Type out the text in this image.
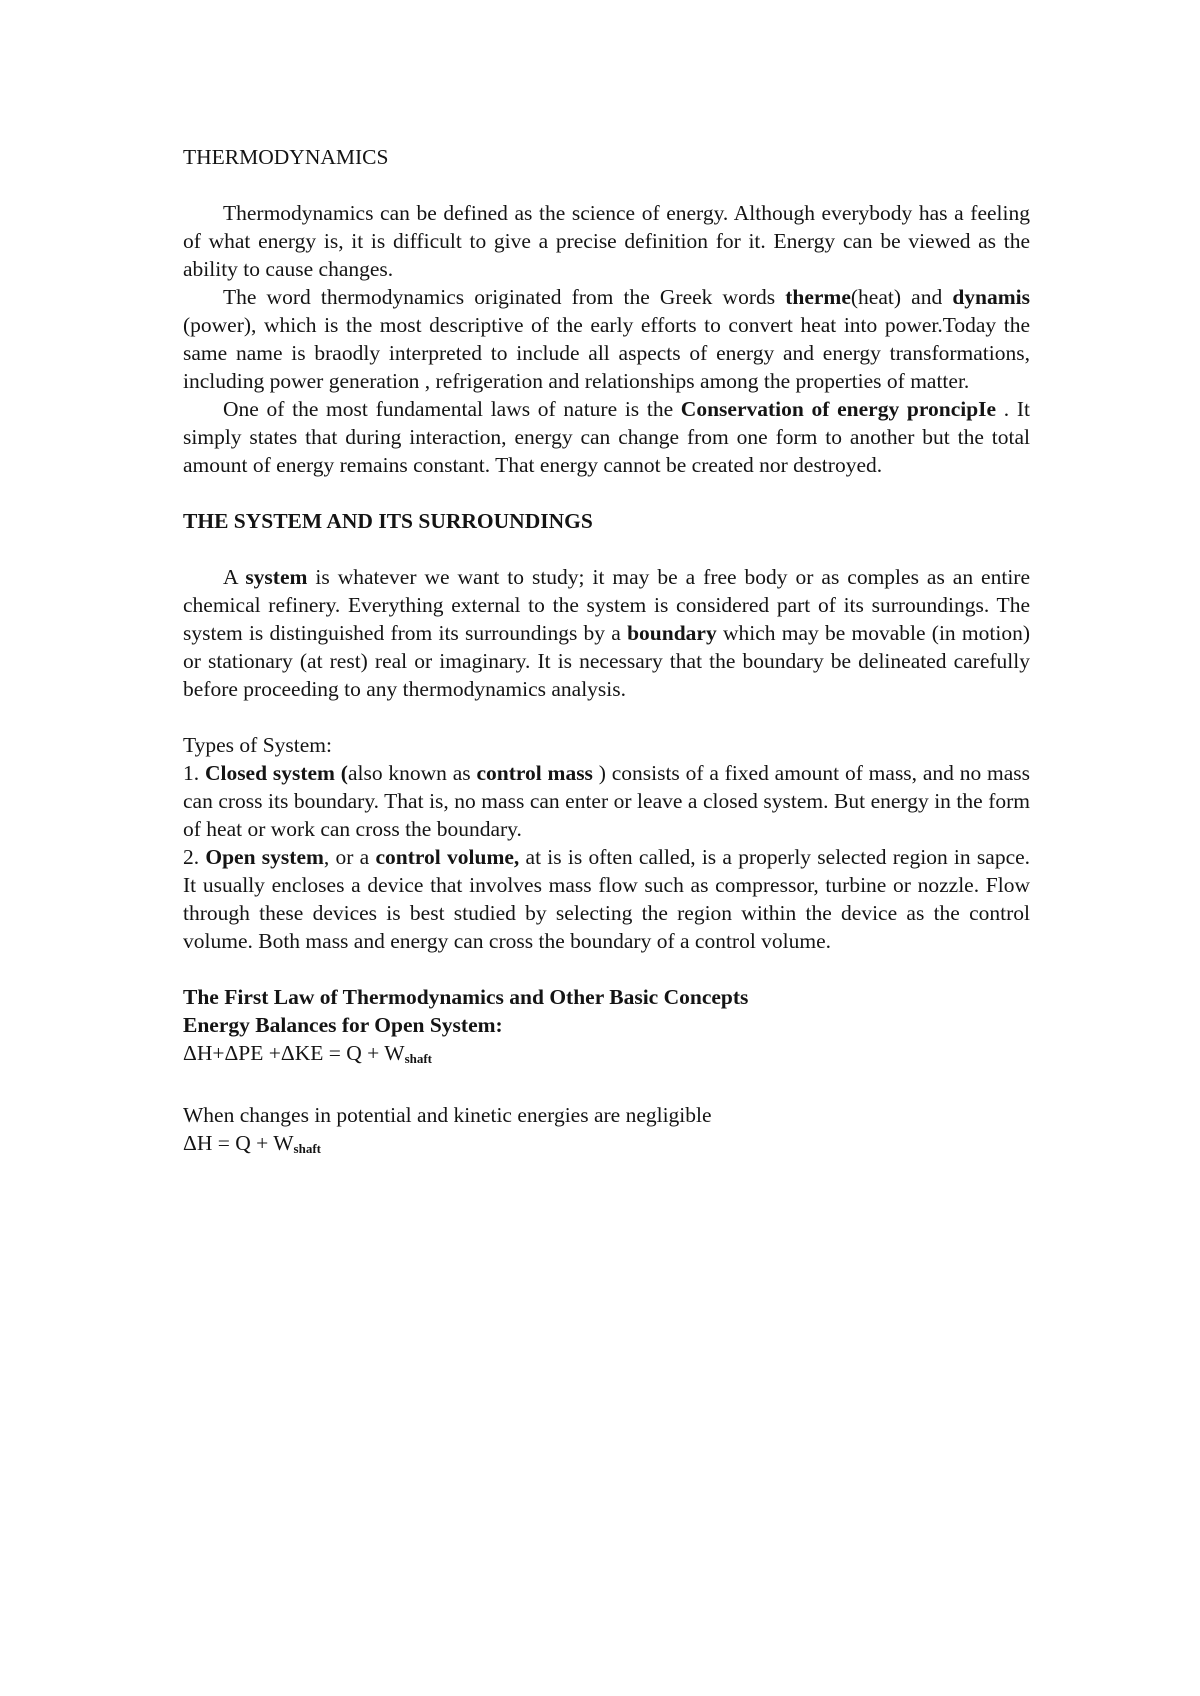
THERMODYNAMICS

Thermodynamics can be defined as the science of energy. Although everybody has a feeling of what energy is, it is difficult to give a precise definition for it. Energy can be viewed as the ability to cause changes.

The word thermodynamics originated from the Greek words therme(heat) and dynamis (power), which is the most descriptive of the early efforts to convert heat into power.Today the same name is braodly interpreted to include all aspects of energy and energy transformations, including power generation , refrigeration and relationships among the properties of matter.

One of the most fundamental laws of nature is the Conservation of energy proncipIe . It simply states that during interaction, energy can change from one form to another but the total amount of energy remains constant. That energy cannot be created nor destroyed.

THE SYSTEM AND ITS SURROUNDINGS

A system is whatever we want to study; it may be a free body or as comples as an entire chemical refinery. Everything external to the system is considered part of its surroundings. The system is distinguished from its surroundings by a boundary which may be movable (in motion) or stationary (at rest) real or imaginary. It is necessary that the boundary be delineated carefully before proceeding to any thermodynamics analysis.

Types of System:

1. Closed system (also known as control mass ) consists of a fixed amount of mass, and no mass can cross its boundary. That is, no mass can enter or leave a closed system. But energy in the form of heat or work can cross the boundary.

2. Open system, or a control volume, at is is often called, is a properly selected region in sapce. It usually encloses a device that involves mass flow such as compressor, turbine or nozzle. Flow through these devices is best studied by selecting the region within the device as the control volume. Both mass and energy can cross the boundary of a control volume.

The First Law of Thermodynamics and Other Basic Concepts
Energy Balances for Open System:

$\Delta H+\Delta PE +\Delta KE = Q + W_{shaft}$

When changes in potential and kinetic energies are negligible

$\Delta H = Q + W_{shaft}$
